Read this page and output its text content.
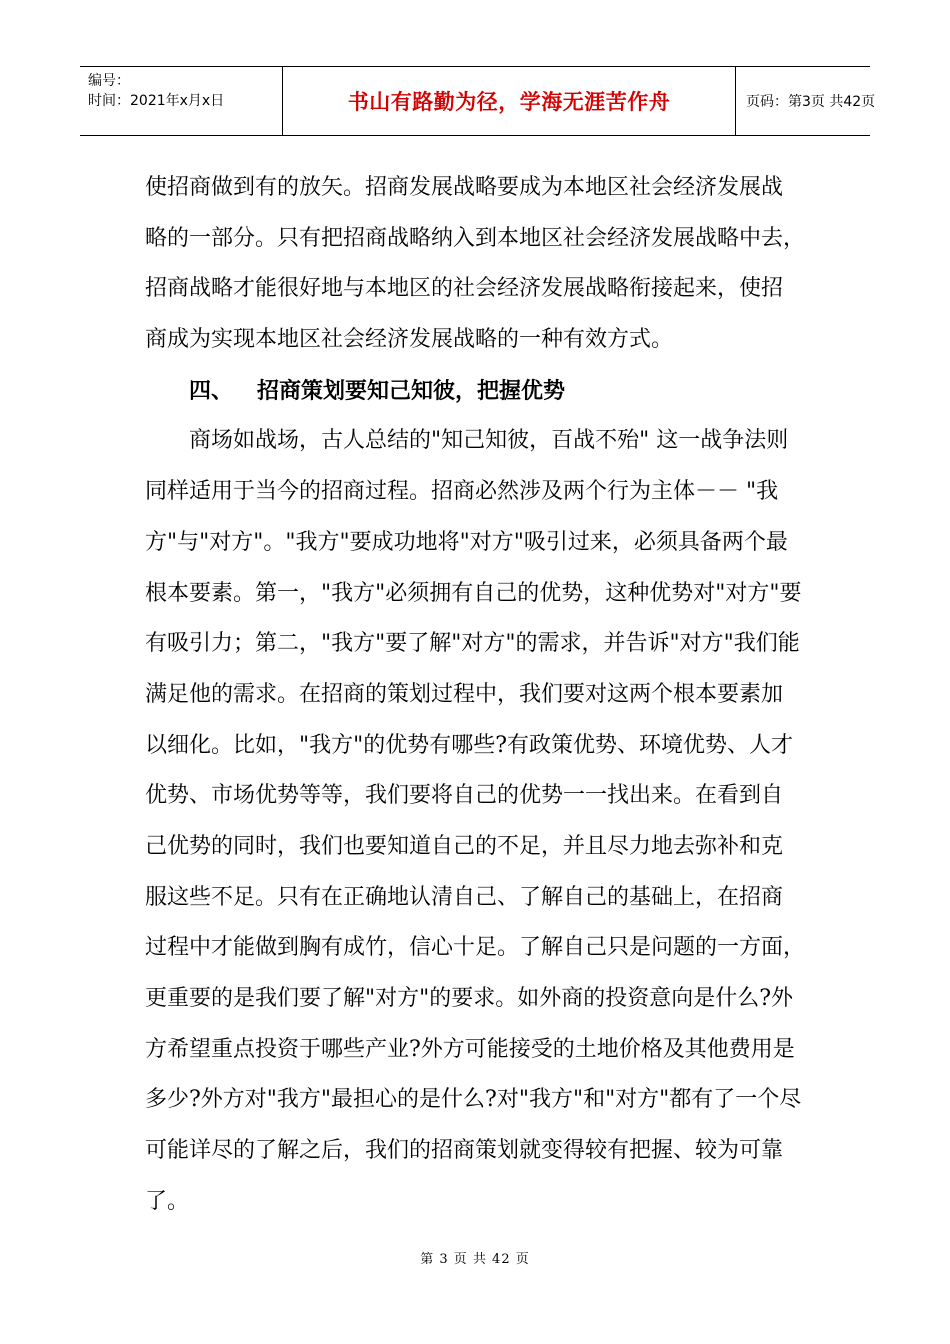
编号：
时间：2021年x月x日	书山有路勤为径，学海无涯苦作舟	页码：第3页 共42页
使招商做到有的放矢。招商发展战略要成为本地区社会经济发展战
略的一部分。只有把招商战略纳入到本地区社会经济发展战略中去，
招商战略才能很好地与本地区的社会经济发展战略衔接起来，使招
商成为实现本地区社会经济发展战略的一种有效方式。
四、 招商策划要知己知彼，把握优势
商场如战场，古人总结的"知己知彼，百战不殆" 这一战争法则
同样适用于当今的招商过程。招商必然涉及两个行为主体－－ "我
方"与"对方"。"我方"要成功地将"对方"吸引过来，必须具备两个最
根本要素。第一，"我方"必须拥有自己的优势，这种优势对"对方"要
有吸引力；第二，"我方"要了解"对方"的需求，并告诉"对方"我们能
满足他的需求。在招商的策划过程中，我们要对这两个根本要素加
以细化。比如，"我方"的优势有哪些?有政策优势、环境优势、人才
优势、市场优势等等，我们要将自己的优势一一找出来。在看到自
己优势的同时，我们也要知道自己的不足，并且尽力地去弥补和克
服这些不足。只有在正确地认清自己、了解自己的基础上，在招商
过程中才能做到胸有成竹，信心十足。了解自己只是问题的一方面，
更重要的是我们要了解"对方"的要求。如外商的投资意向是什么?外
方希望重点投资于哪些产业?外方可能接受的土地价格及其他费用是
多少?外方对"我方"最担心的是什么?对"我方"和"对方"都有了一个尽
可能详尽的了解之后，我们的招商策划就变得较有把握、较为可靠
了。
第 3 页 共 42 页
